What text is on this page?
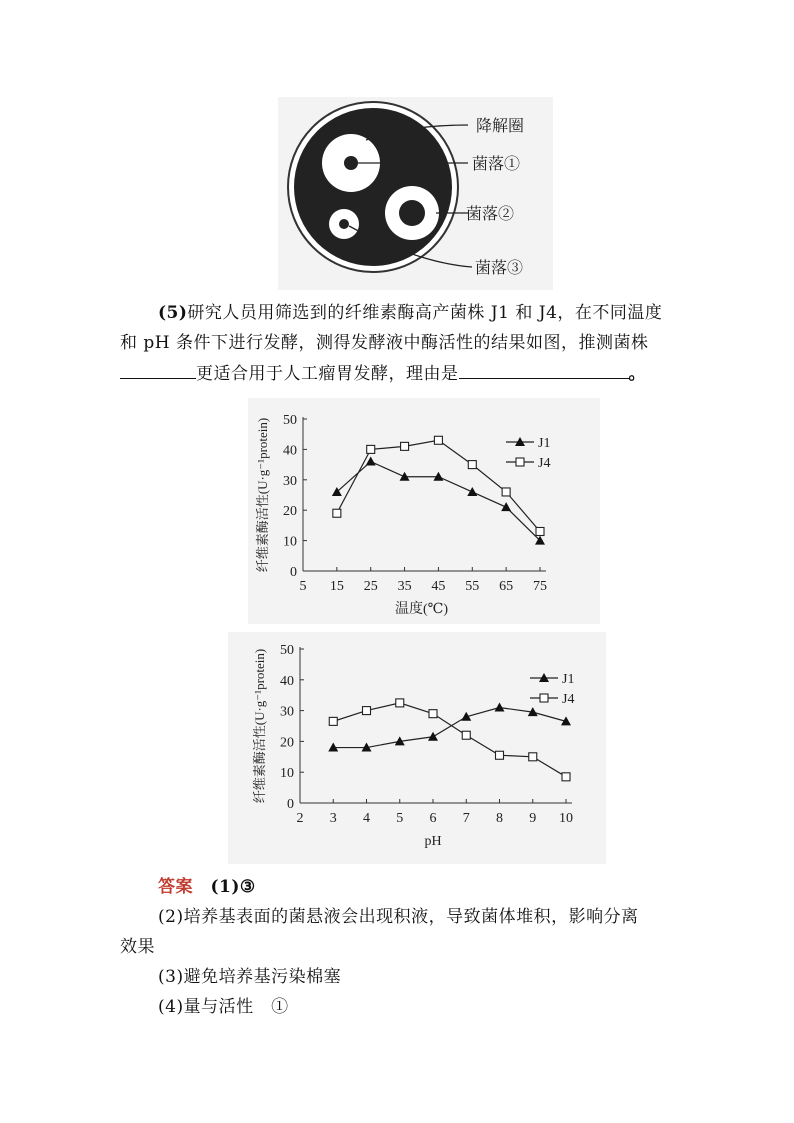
降解圈
菌落①
菌落②
菌落③
(5)研究人员用筛选到的纤维素酶高产菌株 J1 和 J4，在不同温度
和 pH 条件下进行发酵，测得发酵液中酶活性的结果如图，推测菌株
更适合用于人工瘤胃发酵，理由是	。
0
10
20
30
40
50
5 15 25 35 45 55 65 75
温度(℃)
纤维素酶活性(U·g⁻¹protein)	J1
J4
0
10
20
30
40
50
2 3 4 5 6 7 8 9 10
pH
纤维素酶活性(U·g⁻¹protein)	J1
J4
答案　 (1)③
(2)培养基表面的菌悬液会出现积液，导致菌体堆积，影响分离
效果
(3)避免培养基污染棉塞
(4)量与活性　①
